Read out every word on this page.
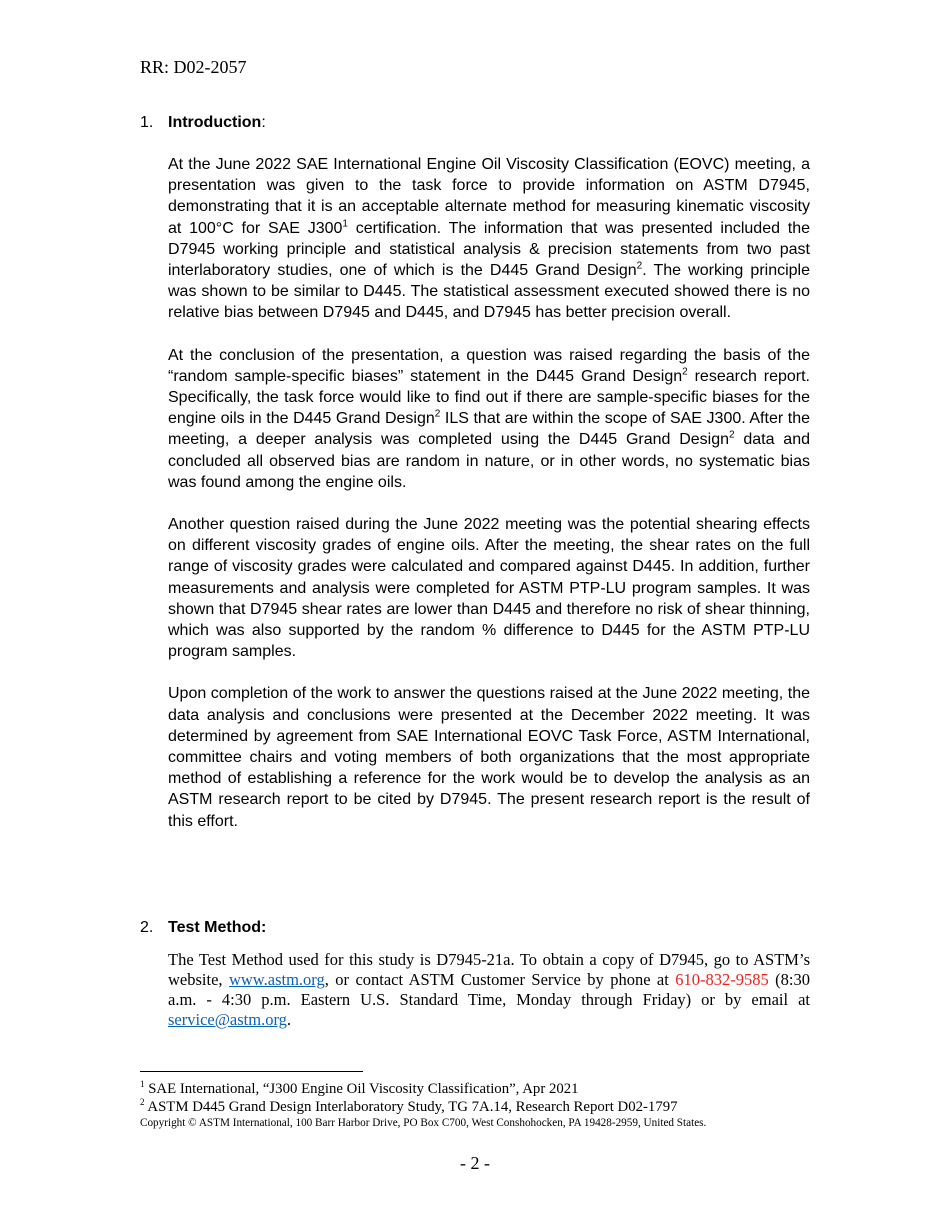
RR: D02-2057
1. Introduction:

At the June 2022 SAE International Engine Oil Viscosity Classification (EOVC) meeting, a presentation was given to the task force to provide information on ASTM D7945, demonstrating that it is an acceptable alternate method for measuring kinematic viscosity at 100°C for SAE $J300^1$ certification. The information that was presented included the D7945 working principle and statistical analysis & precision statements from two past interlaboratory studies, one of which is the D445 Grand Design$^2$. The working principle was shown to be similar to D445. The statistical assessment executed showed there is no relative bias between D7945 and D445, and D7945 has better precision overall.

At the conclusion of the presentation, a question was raised regarding the basis of the “random sample-specific biases” statement in the D445 Grand Design$^2$ research report. Specifically, the task force would like to find out if there are sample-specific biases for the engine oils in the D445 Grand Design$^2$ ILS that are within the scope of SAE J300. After the meeting, a deeper analysis was completed using the D445 Grand Design$^2$ data and concluded all observed bias are random in nature, or in other words, no systematic bias was found among the engine oils.

Another question raised during the June 2022 meeting was the potential shearing effects on different viscosity grades of engine oils. After the meeting, the shear rates on the full range of viscosity grades were calculated and compared against D445. In addition, further measurements and analysis were completed for ASTM PTP-LU program samples. It was shown that D7945 shear rates are lower than D445 and therefore no risk of shear thinning, which was also supported by the random % difference to D445 for the ASTM PTP-LU program samples.

Upon completion of the work to answer the questions raised at the June 2022 meeting, the data analysis and conclusions were presented at the December 2022 meeting. It was determined by agreement from SAE International EOVC Task Force, ASTM International, committee chairs and voting members of both organizations that the most appropriate method of establishing a reference for the work would be to develop the analysis as an ASTM research report to be cited by D7945. The present research report is the result of this effort.

2. Test Method:
The Test Method used for this study is D7945-21a. To obtain a copy of D7945, go to ASTM’s website, www.astm.org, or contact ASTM Customer Service by phone at 610-832-9585 (8:30 a.m. - 4:30 p.m. Eastern U.S. Standard Time, Monday through Friday) or by email at service@astm.org.
$^1$ SAE International, “J300 Engine Oil Viscosity Classification”, Apr 2021
$^2$ ASTM D445 Grand Design Interlaboratory Study, TG 7A.14, Research Report D02-1797
Copyright © ASTM International, 100 Barr Harbor Drive, PO Box C700, West Conshohocken, PA 19428-2959, United States.
- 2 -
